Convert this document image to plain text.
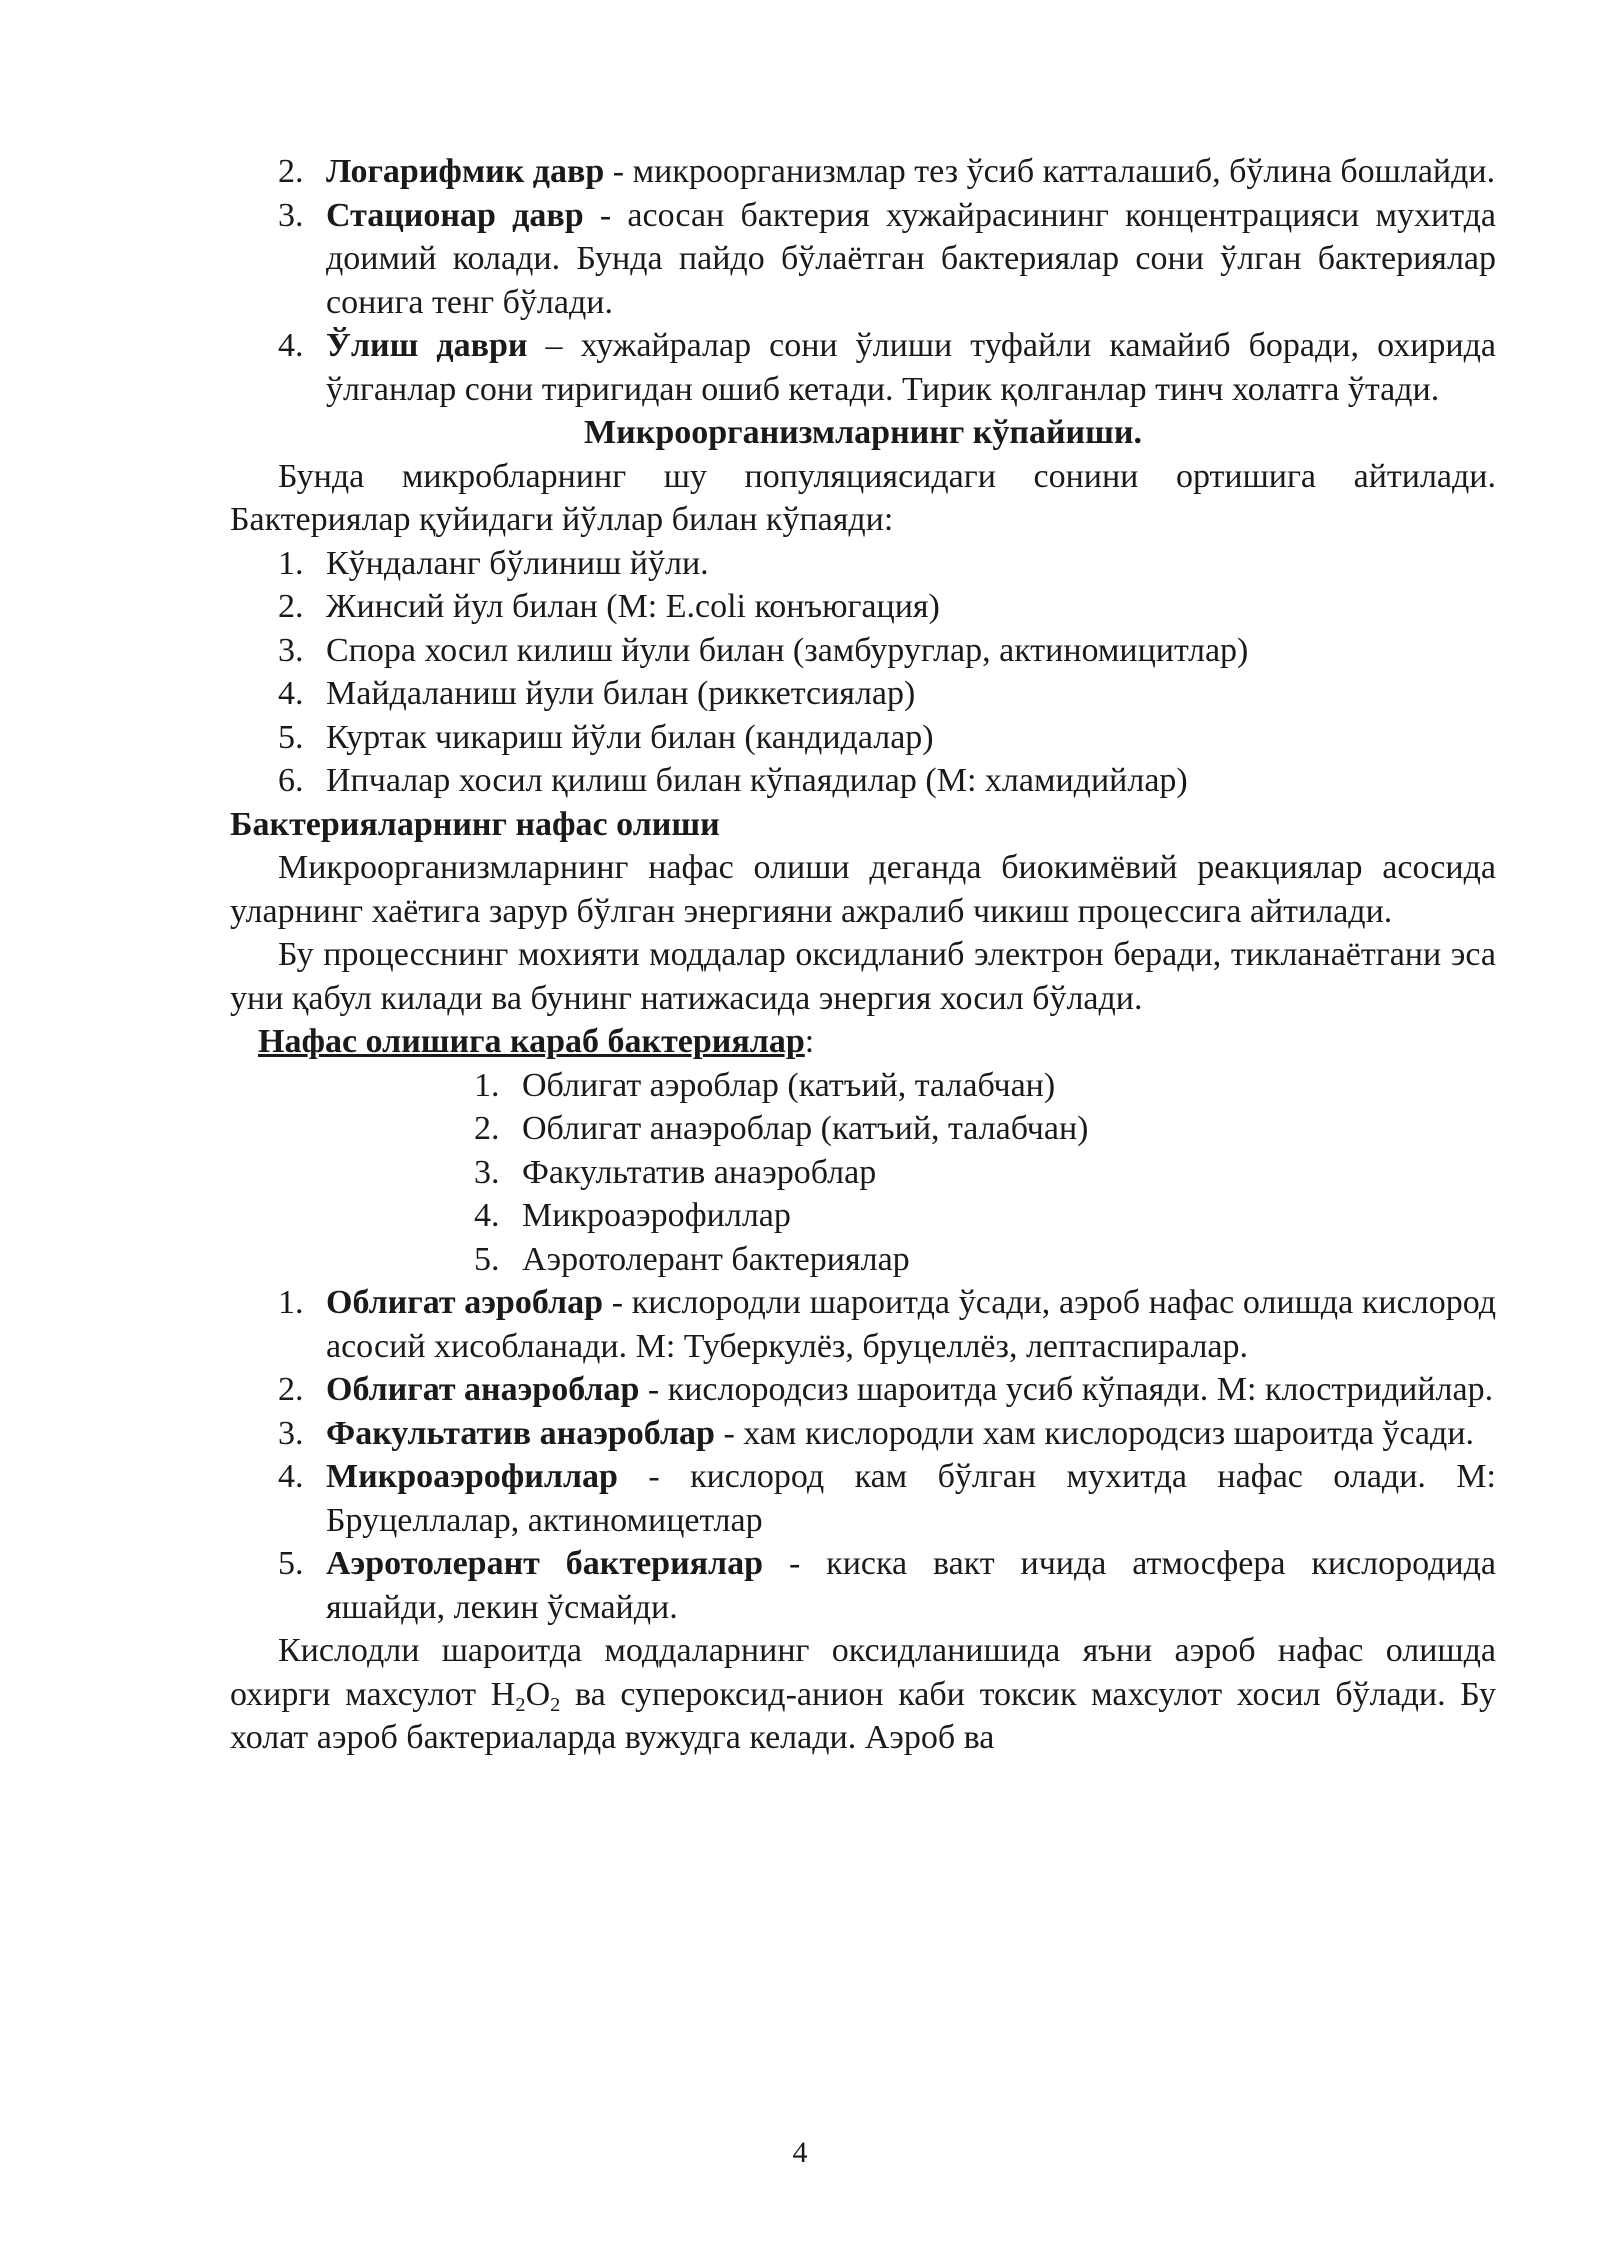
2. Логарифмик давр - микроорганизмлар тез ўсиб катталашиб, бўлина бошлайди.
3. Стационар давр - асосан бактерия хужайрасининг концентрацияси мухитда доимий колади. Бунда пайдо бўлаётган бактериялар сони ўлган бактериялар сонига тенг бўлади.
4. Ўлиш даври – хужайралар сони ўлиши туфайли камайиб боради, охирида ўлганлар сони тиригидан ошиб кетади. Тирик қолганлар тинч холатга ўтади.

Микроорганизмларнинг кўпайиши.

Бунда микробларнинг шу популяциясидаги сонини ортишига айтилади. Бактериялар қуйидаги йўллар билан кўпаяди:

1. Кўндаланг бўлиниш йўли.
2. Жинсий йул билан (М: E.coli конъюгация)
3. Спора хосил килиш йули билан (замбуруглар, актиномицитлар)
4. Майдаланиш йули билан (риккетсиялар)
5. Куртак чикариш йўли билан (кандидалар)
6. Ипчалар хосил қилиш билан кўпаядилар (М: хламидийлар)

Бактерияларнинг нафас олиши

Микроорганизмларнинг нафас олиши деганда биокимёвий реакциялар асосида уларнинг хаётига зарур бўлган энергияни ажралиб чикиш процессига айтилади.

Бу процесснинг мохияти моддалар оксидланиб электрон беради, тикланаётгани эса уни қабул килади ва бунинг натижасида энергия хосил бўлади.

Нафас олишига караб бактериялар:

1. Облигат аэроблар (катъий, талабчан)
2. Облигат анаэроблар (катъий, талабчан)
3. Факультатив анаэроблар
4. Микроаэрофиллар
5. Аэротолерант бактериялар
1. Облигат аэроблар - кислородли шароитда ўсади, аэроб нафас олишда кислород асосий хисобланади. М: Туберкулёз, бруцеллёз, лептаспиралар.
2. Облигат анаэроблар - кислородсиз шароитда усиб кўпаяди. М: клостридийлар.
3. Факультатив анаэроблар - хам кислородли хам кислородсиз шароитда ўсади.
4. Микроаэрофиллар - кислород кам бўлган мухитда нафас олади. М: Бруцеллалар, актиномицетлар
5. Аэротолерант бактериялар - киска вакт ичида атмосфера кислородида яшайди, лекин ўсмайди.

Кислодли шароитда моддаларнинг оксидланишида яъни аэроб нафас олишда охирги махсулот $H_2O_2$ ва супероксид-анион каби токсик махсулот хосил бўлади. Бу холат аэроб бактериаларда вужудга келади. Аэроб ва

4
